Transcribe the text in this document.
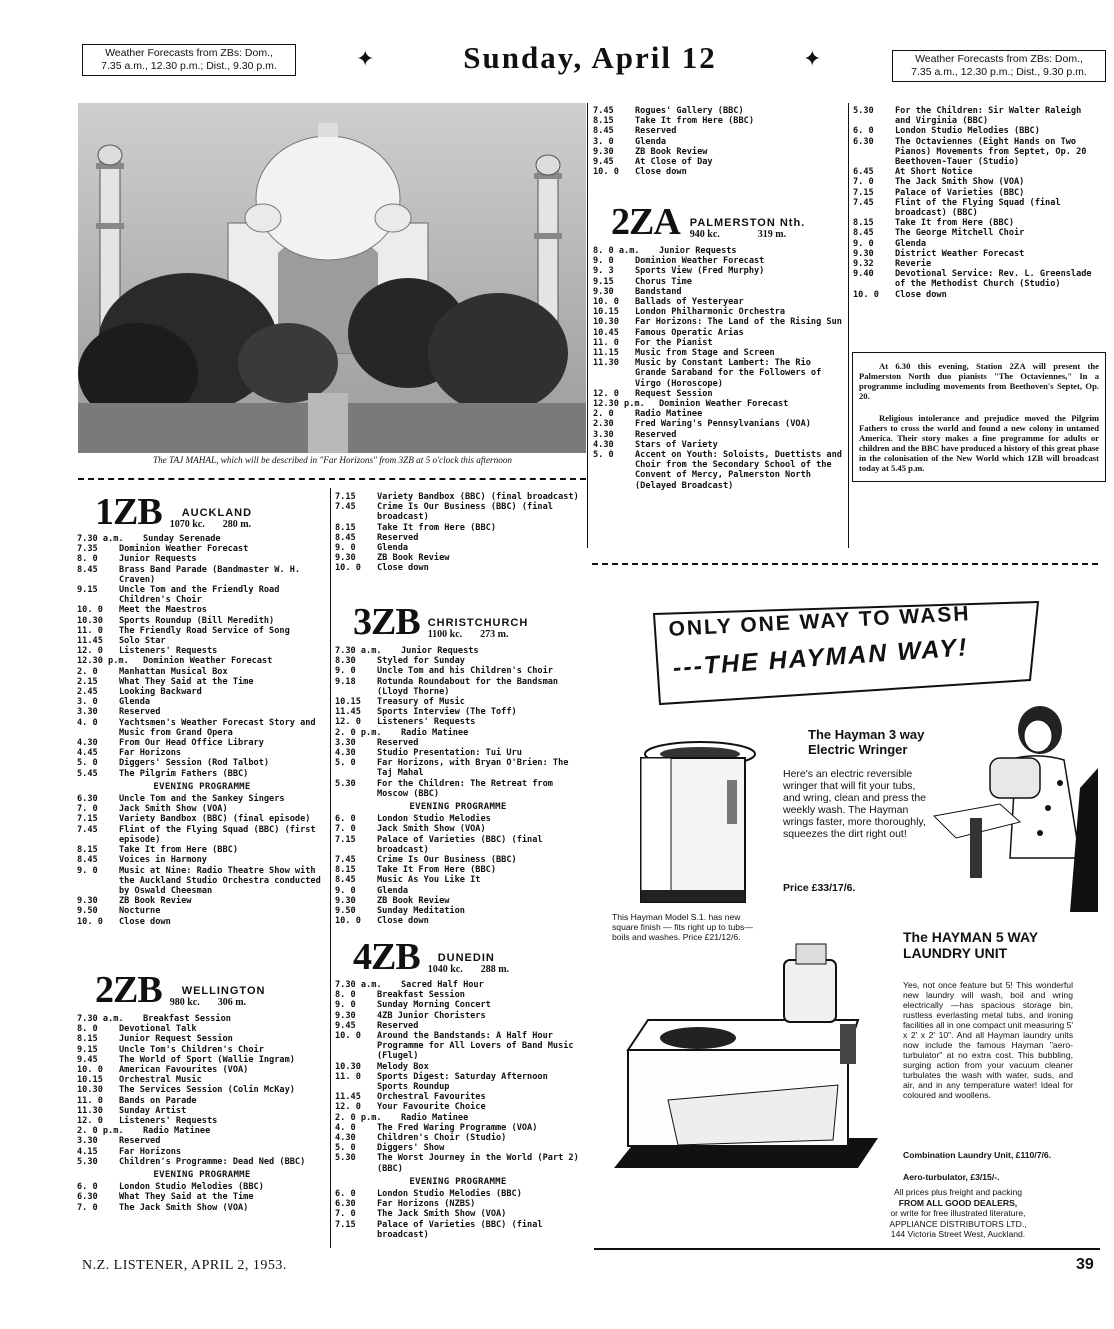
Weather Forecasts from ZBs: Dom.,
7.35 a.m., 12.30 p.m.; Dist., 9.30 p.m.	✦	Sunday, April 12	✦	Weather Forecasts from ZBs: Dom.,
7.35 a.m., 12.30 p.m.; Dist., 9.30 p.m.
The TAJ MAHAL, which will be described in "Far Horizons" from 3ZB at 5 o'clock this afternoon
1ZB AUCKLAND
1070 kc. 280 m.
7.30 a.m.	Sunday Serenade
7.35	Dominion Weather Forecast
8. 0	Junior Requests
8.45	Brass Band Parade (Bandmaster W. H. Craven)
9.15	Uncle Tom and the Friendly Road Children's Choir
10. 0	Meet the Maestros
10.30	Sports Roundup (Bill Meredith)
11. 0	The Friendly Road Service of Song
11.45	Solo Star
12. 0	Listeners' Requests
12.30 p.m.	Dominion Weather Forecast
2. 0	Manhattan Musical Box
2.15	What They Said at the Time
2.45	Looking Backward
3. 0	Glenda
3.30	Reserved
4. 0	Yachtsmen's Weather Forecast Story and Music from Grand Opera
4.30	From Our Head Office Library
4.45	Far Horizons
5. 0	Diggers' Session (Rod Talbot)
5.45	The Pilgrim Fathers (BBC)
EVENING PROGRAMME
6.30	Uncle Tom and the Sankey Singers
7. 0	Jack Smith Show (VOA)
7.15	Variety Bandbox (BBC) (final episode)
7.45	Flint of the Flying Squad (BBC) (first episode)
8.15	Take It from Here (BBC)
8.45	Voices in Harmony
9. 0	Music at Nine: Radio Theatre Show with the Auckland Studio Orchestra conducted by Oswald Cheesman
9.30	ZB Book Review
9.50	Nocturne
10. 0	Close down
2ZB WELLINGTON
980 kc. 306 m.
7.30 a.m.	Breakfast Session
8. 0	Devotional Talk
8.15	Junior Request Session
9.15	Uncle Tom's Children's Choir
9.45	The World of Sport (Wallie Ingram)
10. 0	American Favourites (VOA)
10.15	Orchestral Music
10.30	The Services Session (Colin McKay)
11. 0	Bands on Parade
11.30	Sunday Artist
12. 0	Listeners' Requests
2. 0 p.m.	Radio Matinee
3.30	Reserved
4.15	Far Horizons
5.30	Children's Programme: Dead Ned (BBC)
EVENING PROGRAMME
6. 0	London Studio Melodies (BBC)
6.30	What They Said at the Time
7. 0	The Jack Smith Show (VOA)
7.15	Variety Bandbox (BBC) (final broadcast)
7.45	Crime Is Our Business (BBC) (final broadcast)
8.15	Take It from Here (BBC)
8.45	Reserved
9. 0	Glenda
9.30	ZB Book Review
10. 0	Close down
3ZB CHRISTCHURCH
1100 kc. 273 m.
7.30 a.m.	Junior Requests
8.30	Styled for Sunday
9. 0	Uncle Tom and his Children's Choir
9.18	Rotunda Roundabout for the Bandsman (Lloyd Thorne)
10.15	Treasury of Music
11.45	Sports Interview (The Toff)
12. 0	Listeners' Requests
2. 0 p.m.	Radio Matinee
3.30	Reserved
4.30	Studio Presentation: Tui Uru
5. 0	Far Horizons, with Bryan O'Brien: The Taj Mahal
5.30	For the Children: The Retreat from Moscow (BBC)
EVENING PROGRAMME
6. 0	London Studio Melodies
7. 0	Jack Smith Show (VOA)
7.15	Palace of Varieties (BBC) (final broadcast)
7.45	Crime Is Our Business (BBC)
8.15	Take It From Here (BBC)
8.45	Music As You Like It
9. 0	Glenda
9.30	ZB Book Review
9.50	Sunday Meditation
10. 0	Close down
4ZB DUNEDIN
1040 kc. 288 m.
7.30 a.m.	Sacred Half Hour
8. 0	Breakfast Session
9. 0	Sunday Morning Concert
9.30	4ZB Junior Choristers
9.45	Reserved
10. 0	Around the Bandstands: A Half Hour Programme for All Lovers of Band Music (Flugel)
10.30	Melody Box
11. 0	Sports Digest: Saturday Afternoon Sports Roundup
11.45	Orchestral Favourites
12. 0	Your Favourite Choice
2. 0 p.m.	Radio Matinee
4. 0	The Fred Waring Programme (VOA)
4.30	Children's Choir (Studio)
5. 0	Diggers' Show
5.30	The Worst Journey in the World (Part 2) (BBC)
EVENING PROGRAMME
6. 0	London Studio Melodies (BBC)
6.30	Far Horizons (NZBS)
7. 0	The Jack Smith Show (VOA)
7.15	Palace of Varieties (BBC) (final broadcast)
7.45	Rogues' Gallery (BBC)
8.15	Take It from Here (BBC)
8.45	Reserved
3. 0	Glenda
9.30	ZB Book Review
9.45	At Close of Day
10. 0	Close down
2ZA PALMERSTON Nth.
940 kc.	319 m.
8. 0 a.m.	Junior Requests
9. 0	Dominion Weather Forecast
9. 3	Sports View (Fred Murphy)
9.15	Chorus Time
9.30	Bandstand
10. 0	Ballads of Yesteryear
10.15	London Philharmonic Orchestra
10.30	Far Horizons: The Land of the Rising Sun
10.45	Famous Operatic Arias
11. 0	For the Pianist
11.15	Music from Stage and Screen
11.30	Music by Constant Lambert: The Rio Grande Saraband for the Followers of Virgo (Horoscope)
12. 0	Request Session
12.30 p.m.	Dominion Weather Forecast
2. 0	Radio Matinee
2.30	Fred Waring's Pennsylvanians (VOA)
3.30	Reserved
4.30	Stars of Variety
5. 0	Accent on Youth: Soloists, Duettists and Choir from the Secondary School of the Convent of Mercy, Palmerston North (Delayed Broadcast)
5.30	For the Children: Sir Walter Raleigh and Virginia (BBC)
6. 0	London Studio Melodies (BBC)
6.30	The Octaviennes (Eight Hands on Two Pianos) Movements from Septet, Op. 20 Beethoven-Tauer (Studio)
6.45	At Short Notice
7. 0	The Jack Smith Show (VOA)
7.15	Palace of Varieties (BBC)
7.45	Flint of the Flying Squad (final broadcast) (BBC)
8.15	Take It from Here (BBC)
8.45	The George Mitchell Choir
9. 0	Glenda
9.30	District Weather Forecast
9.32	Reverie
9.40	Devotional Service: Rev. L. Greenslade of the Methodist Church (Studio)
10. 0	Close down
At 6.30 this evening, Station 2ZA will present the Palmerston North duo pianists "The Octaviennes," In a programme including movements from Beethoven's Septet, Op. 20.
Religious intolerance and prejudice moved the Pilgrim Fathers to cross the world and found a new colony in untamed America. Their story makes a fine programme for adults or children and the BBC have produced a history of this great phase in the colonisation of the New World which 1ZB will broadcast today at 5.45 p.m.
ONLY ONE WAY TO WASH
---THE HAYMAN WAY!
This Hayman Model S.1. has new square finish — fits right up to tubs—boils and washes. Price £21/12/6.
The Hayman 3 way Electric Wringer
Here's an electric reversible wringer that will fit your tubs, and wring, clean and press the weekly wash. The Hayman wrings faster, more thoroughly, squeezes the dirt right out!
Price £33/17/6.
The HAYMAN 5 WAY LAUNDRY UNIT
Yes, not once feature but 5! This wonderful new laundry will wash, boil and wring electrically —has spacious storage bin, rustless everlasting metal tubs, and ironing facilities all in one compact unit measuring 5' x 2' x 2' 10". And all Hayman laundry units now include the famous Hayman "aero-turbulator" at no extra cost. This bubbling, surging action from your vacuum cleaner turbulates the wash with water, suds, and air, and in any temperature water! Ideal for coloured and woollens.
Combination Laundry Unit, £110/7/6.
Aero-turbulator, £3/15/-.
All prices plus freight and packing
FROM ALL GOOD DEALERS,
or write for free illustrated literature,
APPLIANCE DISTRIBUTORS LTD.,
144 Victoria Street West, Auckland.
N.Z. LISTENER, APRIL 2, 1953.	39
